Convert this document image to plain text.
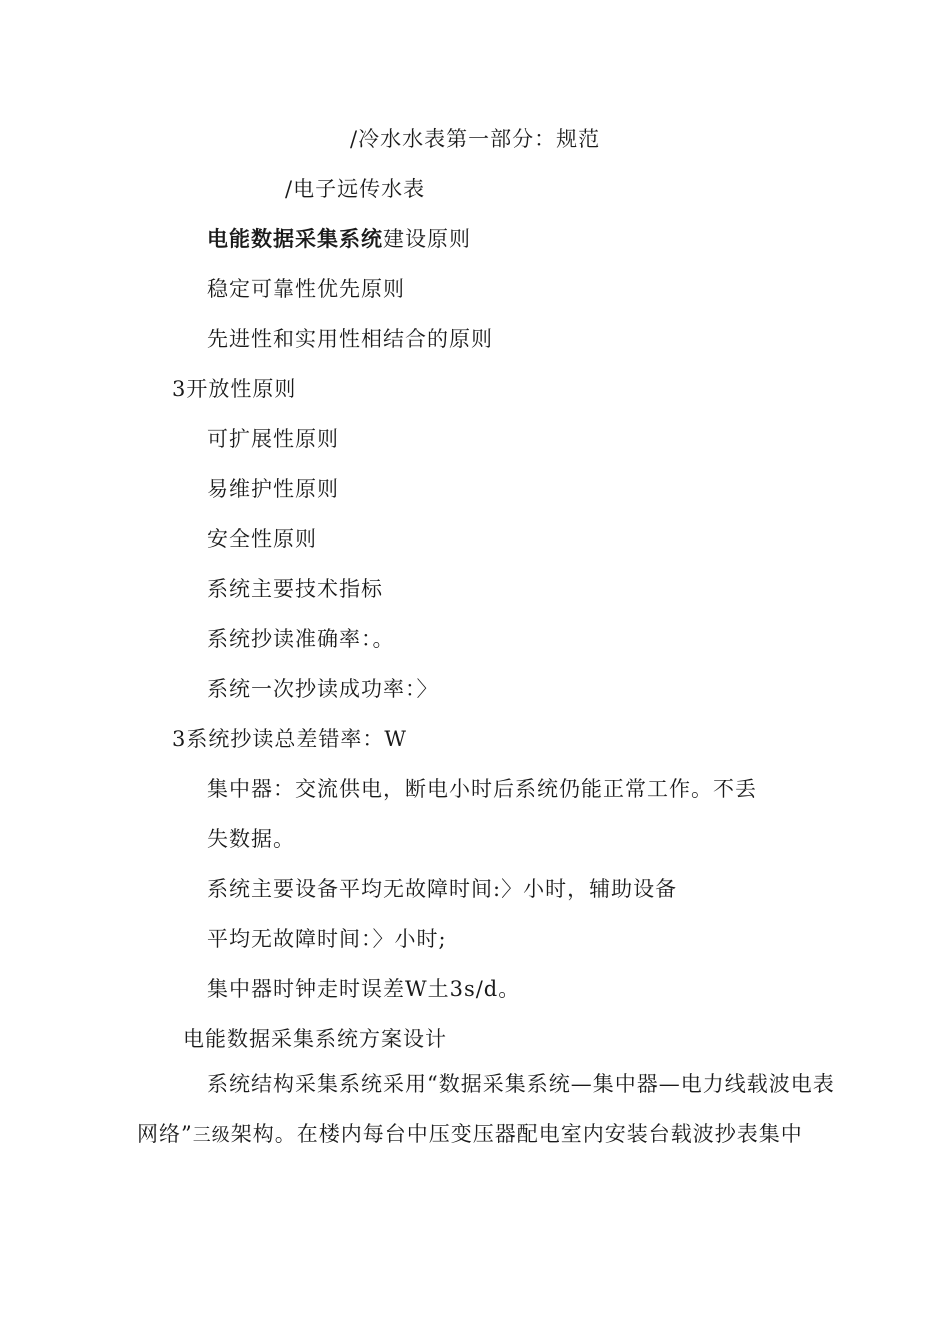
/冷水水表第一部分：规范
/电子远传水表
电能数据采集系统建设原则
稳定可靠性优先原则
先进性和实用性相结合的原则
3开放性原则
可扩展性原则
易维护性原则
安全性原则
系统主要技术指标
系统抄读准确率：。
系统一次抄读成功率：〉
3系统抄读总差错率：W
集中器：交流供电，断电小时后系统仍能正常工作。不丢
失数据。
系统主要设备平均无故障时间:〉小时，辅助设备
平均无故障时间：〉小时;
集中器时钟走时误差W土3s/d。
电能数据采集系统方案设计
系统结构采集系统采用“数据采集系统—集中器—电力线载波电表网络”三级架构。在楼内每台中压变压器配电室内安装台载波抄表集中
